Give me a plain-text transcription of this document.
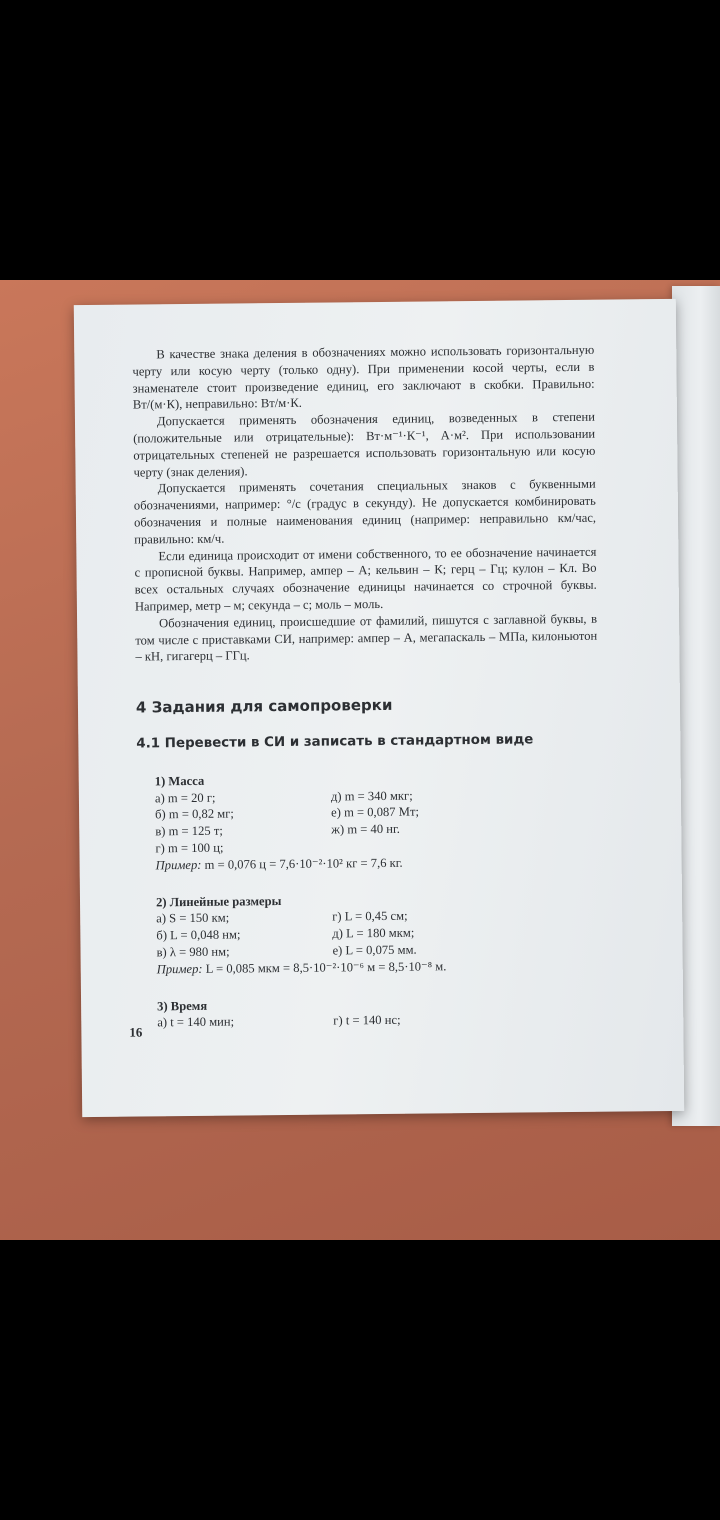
В качестве знака деления в обозначениях можно использовать горизонтальную черту или косую черту (только одну). При применении косой черты, если в знаменателе стоит произведение единиц, его заключают в скобки. Правильно: Вт/(м·К), неправильно: Вт/м·К.

Допускается применять обозначения единиц, возведенных в степени (положительные или отрицательные): Вт·м⁻¹·К⁻¹, А·м². При использовании отрицательных степеней не разрешается использовать горизонтальную или косую черту (знак деления).

Допускается применять сочетания специальных знаков с буквенными обозначениями, например: °/с (градус в секунду). Не допускается комбинировать обозначения и полные наименования единиц (например: неправильно км/час, правильно: км/ч.

Если единица происходит от имени собственного, то ее обозначение начинается с прописной буквы. Например, ампер – А; кельвин – К; герц – Гц; кулон – Кл. Во всех остальных случаях обозначение единицы начинается со строчной буквы. Например, метр – м; секунда – с; моль – моль.

Обозначения единиц, происшедшие от фамилий, пишутся с заглавной буквы, в том числе с приставками СИ, например: ампер – А, мегапаскаль – МПа, килоньютон – кН, гигагерц – ГГц.

4 Задания для самопроверки
4.1 Перевести в СИ и записать в стандартном виде
1) Масса
а) m = 20 г;	д) m = 340 мкг;
б) m = 0,82 мг;	е) m = 0,087 Мт;
в) m = 125 т;	ж) m = 40 нг.
г) m = 100 ц;
Пример: m = 0,076 ц = 7,6·10⁻²·10² кг = 7,6 кг.
2) Линейные размеры
а) S = 150 км;	г) L = 0,45 см;
б) L = 0,048 нм;	д) L = 180 мкм;
в) λ = 980 нм;	е) L = 0,075 мм.
Пример: L = 0,085 мкм = 8,5·10⁻²·10⁻⁶ м = 8,5·10⁻⁸ м.
3) Время
а) t = 140 мин;	г) t = 140 нс;
16
